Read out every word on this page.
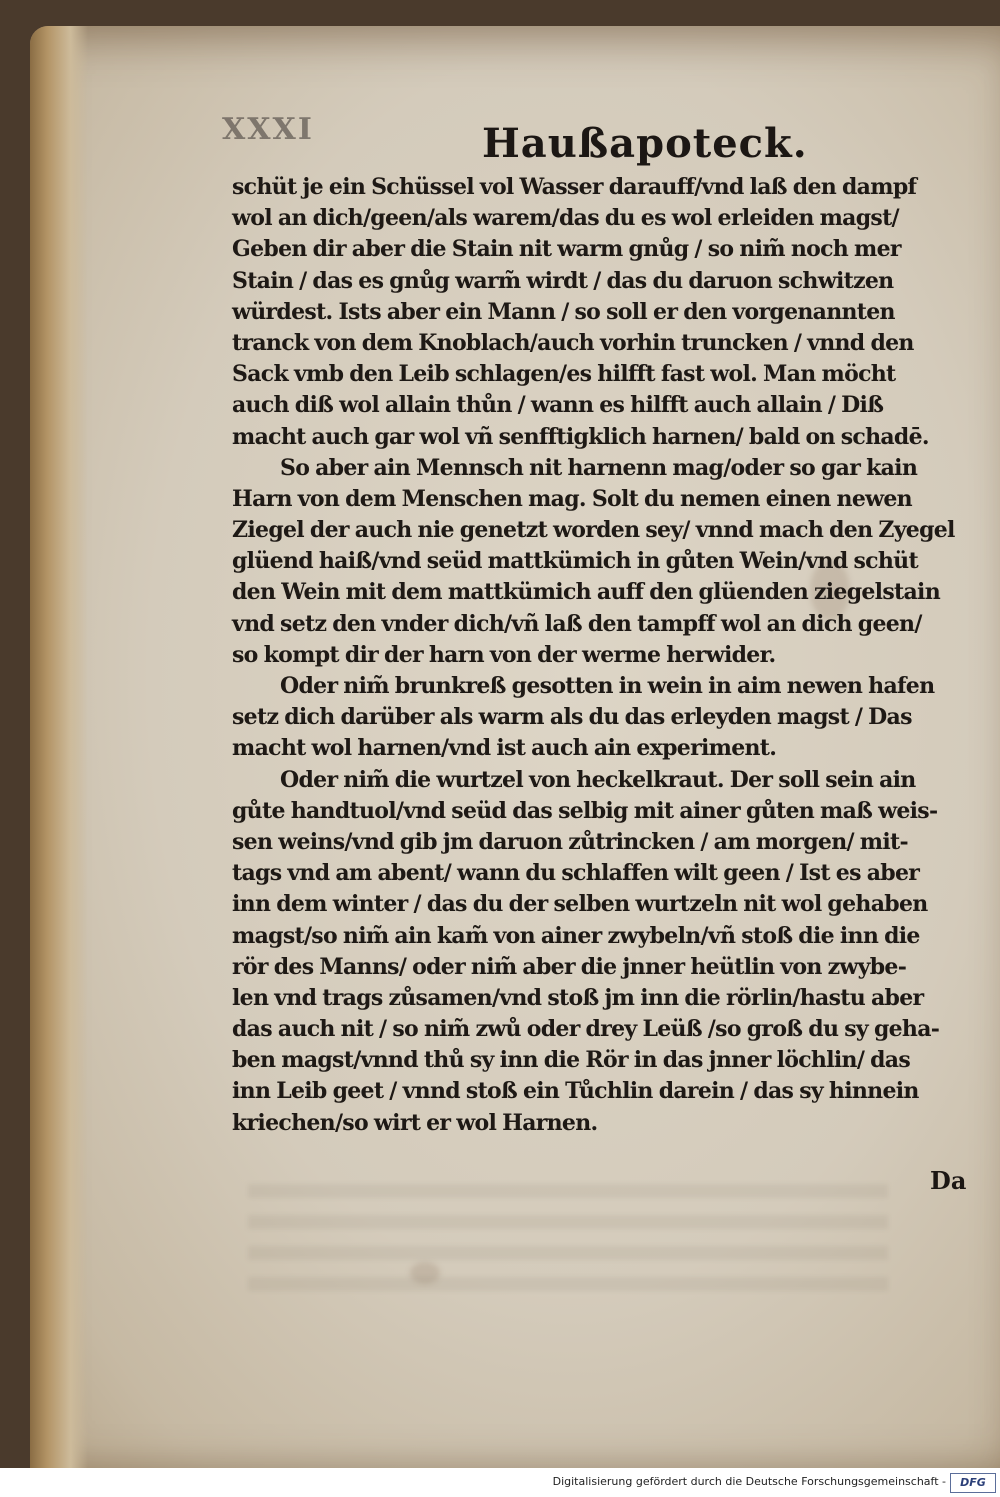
XXXI	Haußapoteck.
schüt je ein Schüssel vol Wasser darauff/vnd laß den dampf
wol an dich/geen/als warem/das du es wol erleiden magst/
Geben dir aber die Stain nit warm gnůg / so nim̃ noch mer
Stain / das es gnůg warm̃ wirdt / das du daruon schwitzen
würdest. Ists aber ein Mann / so soll er den vorgenannten
tranck von dem Knoblach/auch vorhin truncken / vnnd den
Sack vmb den Leib schlagen/es hilfft fast wol. Man möcht
auch diß wol allain thůn / wann es hilfft auch allain / Diß
macht auch gar wol vñ senfftigklich harnen/ bald on schadē.
So aber ain Mennsch nit harnenn mag/oder so gar kain
Harn von dem Menschen mag. Solt du nemen einen newen
Ziegel der auch nie genetzt worden sey/ vnnd mach den Zyegel
glüend haiß/vnd seüd mattkümich in gůten Wein/vnd schüt
den Wein mit dem mattkümich auff den glüenden ziegelstain
vnd setz den vnder dich/vñ laß den tampff wol an dich geen/
so kompt dir der harn von der werme herwider.
Oder nim̃ brunkreß gesotten in wein in aim newen hafen
setz dich darüber als warm als du das erleyden magst / Das
macht wol harnen/vnd ist auch ain experiment.
Oder nim̃ die wurtzel von heckelkraut. Der soll sein ain
gůte handtuol/vnd seüd das selbig mit ainer gůten maß weis-
sen weins/vnd gib jm daruon zůtrincken / am morgen/ mit-
tags vnd am abent/ wann du schlaffen wilt geen / Ist es aber
inn dem winter / das du der selben wurtzeln nit wol gehaben
magst/so nim̃ ain kam̃ von ainer zwybeln/vñ stoß die inn die
rör des Manns/ oder nim̃ aber die jnner heütlin von zwybe-
len vnd trags zůsamen/vnd stoß jm inn die rörlin/hastu aber
das auch nit / so nim̃ zwů oder drey Leüß /so groß du sy geha-
ben magst/vnnd thů sy inn die Rör in das jnner löchlin/ das
inn Leib geet / vnnd stoß ein Tůchlin darein / das sy hinnein
kriechen/so wirt er wol Harnen.
Da
Digitalisierung gefördert durch die Deutsche Forschungsgemeinschaft -	DFG
